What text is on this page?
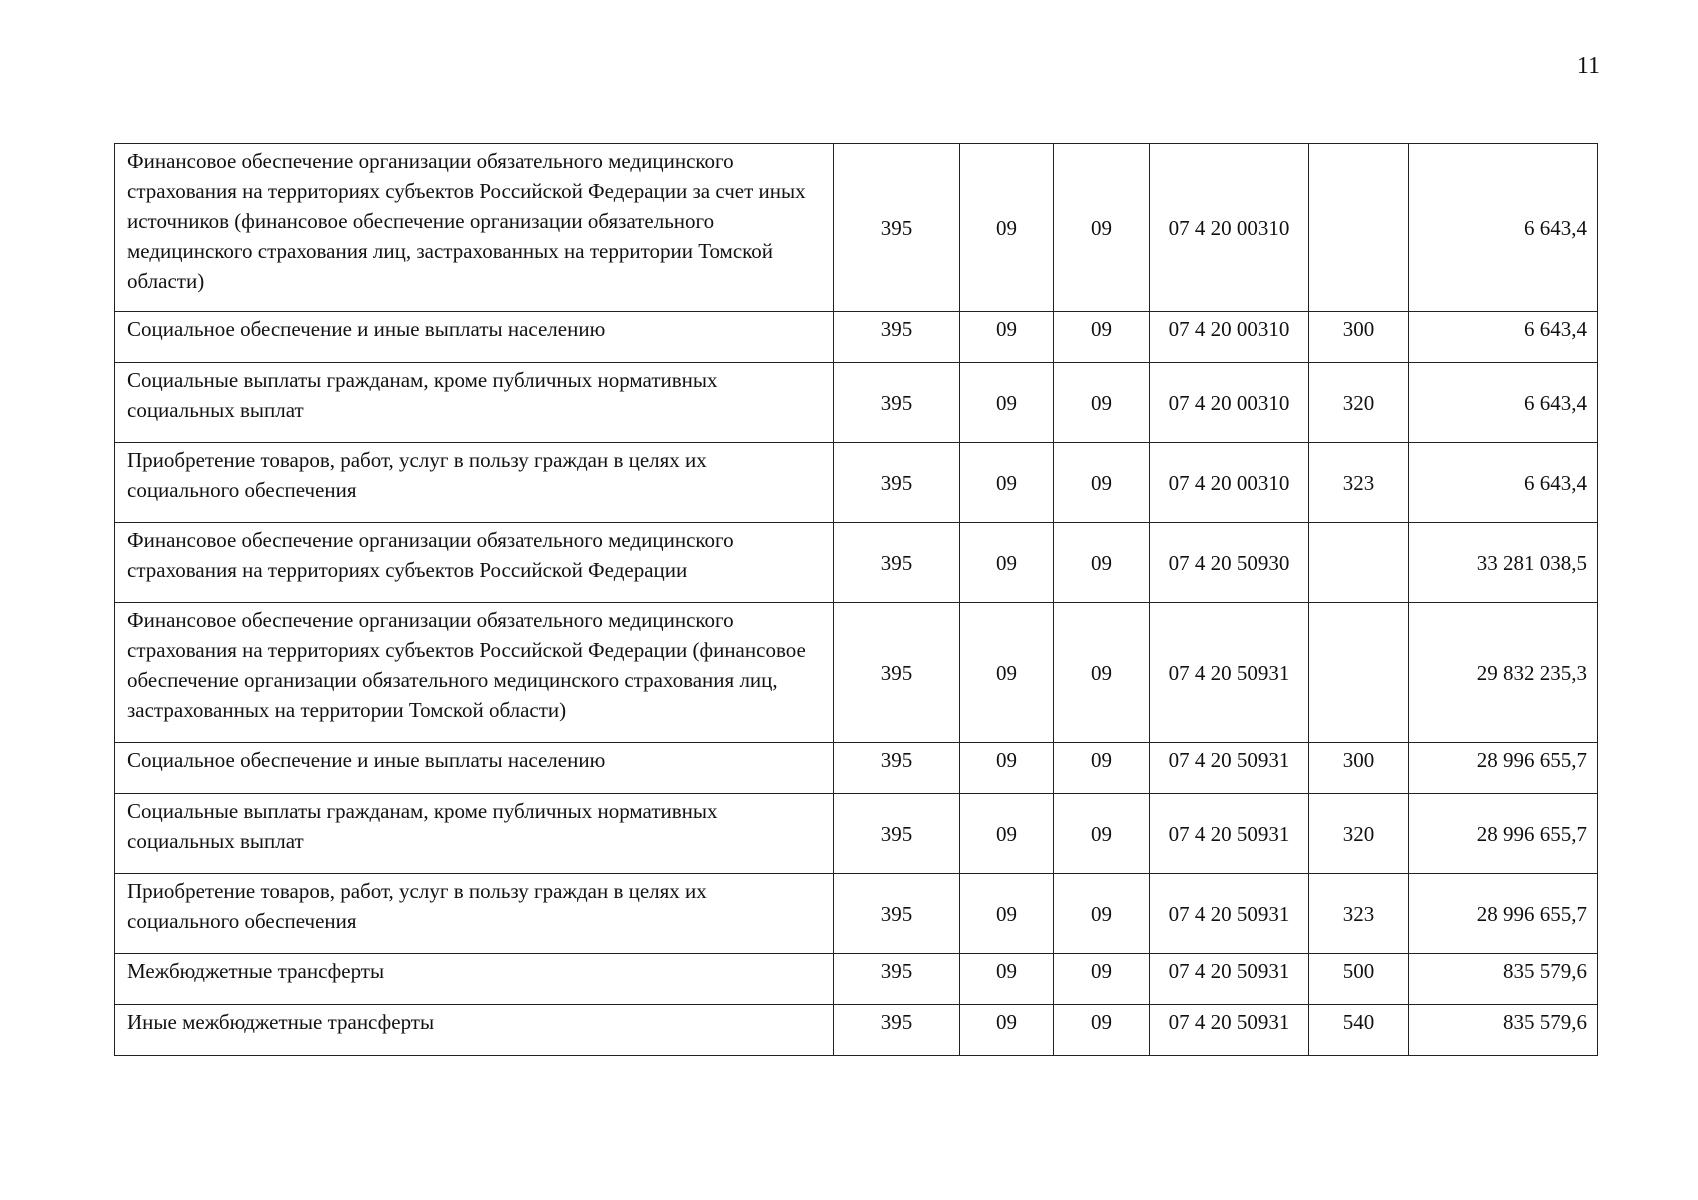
11
Финансовое обеспечение организации обязательного медицинского страхования на территориях субъектов Российской Федерации за счет иных источников (финансовое обеспечение организации обязательного медицинского страхования лиц, застрахованных на территории Томской области)	395	09	09	07 4 20 00310		6 643,4
Социальное обеспечение и иные выплаты населению	395	09	09	07 4 20 00310	300	6 643,4
Социальные выплаты гражданам, кроме публичных нормативных социальных выплат	395	09	09	07 4 20 00310	320	6 643,4
Приобретение товаров, работ, услуг в пользу граждан в целях их социального обеспечения	395	09	09	07 4 20 00310	323	6 643,4
Финансовое обеспечение организации обязательного медицинского страхования на территориях субъектов Российской Федерации	395	09	09	07 4 20 50930		33 281 038,5
Финансовое обеспечение организации обязательного медицинского страхования на территориях субъектов Российской Федерации (финансовое обеспечение организации обязательного медицинского страхования лиц, застрахованных на территории Томской области)	395	09	09	07 4 20 50931		29 832 235,3
Социальное обеспечение и иные выплаты населению	395	09	09	07 4 20 50931	300	28 996 655,7
Социальные выплаты гражданам, кроме публичных нормативных социальных выплат	395	09	09	07 4 20 50931	320	28 996 655,7
Приобретение товаров, работ, услуг в пользу граждан в целях их социального обеспечения	395	09	09	07 4 20 50931	323	28 996 655,7
Межбюджетные трансферты	395	09	09	07 4 20 50931	500	835 579,6
Иные межбюджетные трансферты	395	09	09	07 4 20 50931	540	835 579,6
